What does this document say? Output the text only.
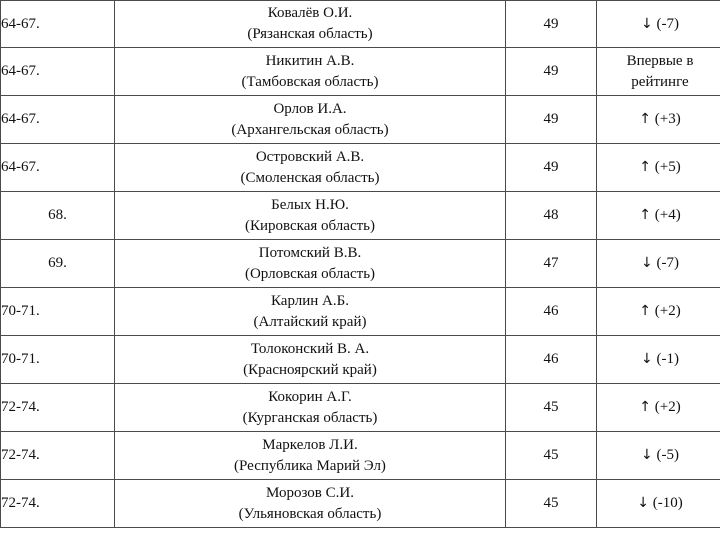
64-67.	Ковалёв О.И.
(Рязанская область)	49	↓ (-7)
64-67.	Никитин А.В.
(Тамбовская область)	49	Впервые в рейтинге
64-67.	Орлов И.А.
(Архангельская область)	49	↑ (+3)
64-67.	Островский А.В.
(Смоленская область)	49	↑ (+5)
68.	Белых Н.Ю.
(Кировская область)	48	↑ (+4)
69.	Потомский В.В.
(Орловская область)	47	↓ (-7)
70-71.	Карлин А.Б.
(Алтайский край)	46	↑ (+2)
70-71.	Толоконский В. А.
(Красноярский край)	46	↓ (-1)
72-74.	Кокорин А.Г.
(Курганская область)	45	↑ (+2)
72-74.	Маркелов Л.И.
(Республика Марий Эл)	45	↓ (-5)
72-74.	Морозов С.И.
(Ульяновская область)	45	↓ (-10)
